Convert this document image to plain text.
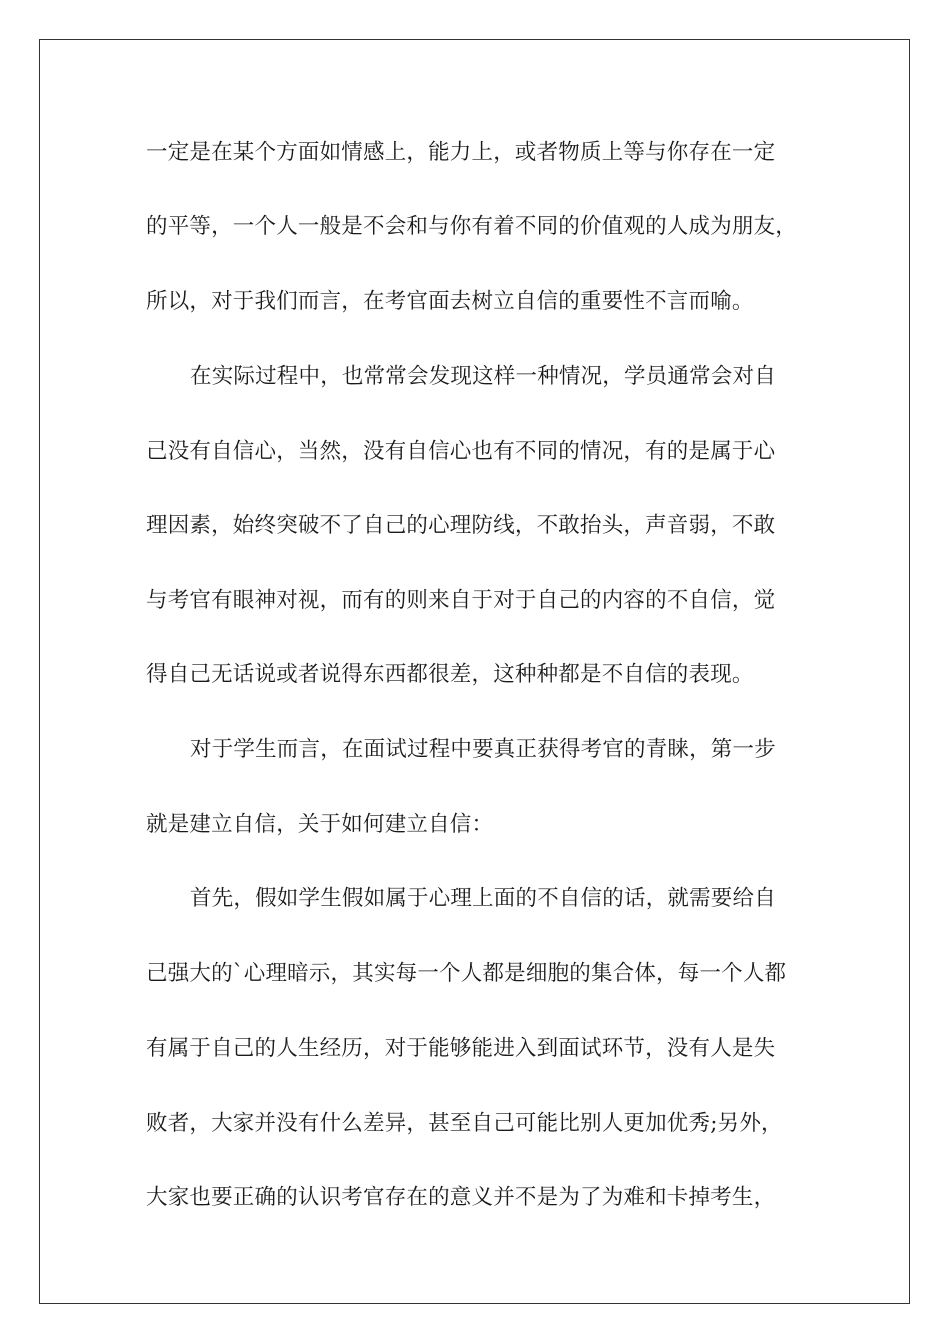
一定是在某个方面如情感上，能力上，或者物质上等与你存在一定
的平等，一个人一般是不会和与你有着不同的价值观的人成为朋友，
所以，对于我们而言，在考官面去树立自信的重要性不言而喻。
在实际过程中，也常常会发现这样一种情况，学员通常会对自
己没有自信心，当然，没有自信心也有不同的情况，有的是属于心
理因素，始终突破不了自己的心理防线，不敢抬头，声音弱，不敢
与考官有眼神对视，而有的则来自于对于自己的内容的不自信，觉
得自己无话说或者说得东西都很差，这种种都是不自信的表现。
对于学生而言，在面试过程中要真正获得考官的青睐，第一步
就是建立自信，关于如何建立自信：
首先，假如学生假如属于心理上面的不自信的话，就需要给自
己强大的`心理暗示，其实每一个人都是细胞的集合体，每一个人都
有属于自己的人生经历，对于能够能进入到面试环节，没有人是失
败者，大家并没有什么差异，甚至自己可能比别人更加优秀;另外，
大家也要正确的认识考官存在的意义并不是为了为难和卡掉考生，
